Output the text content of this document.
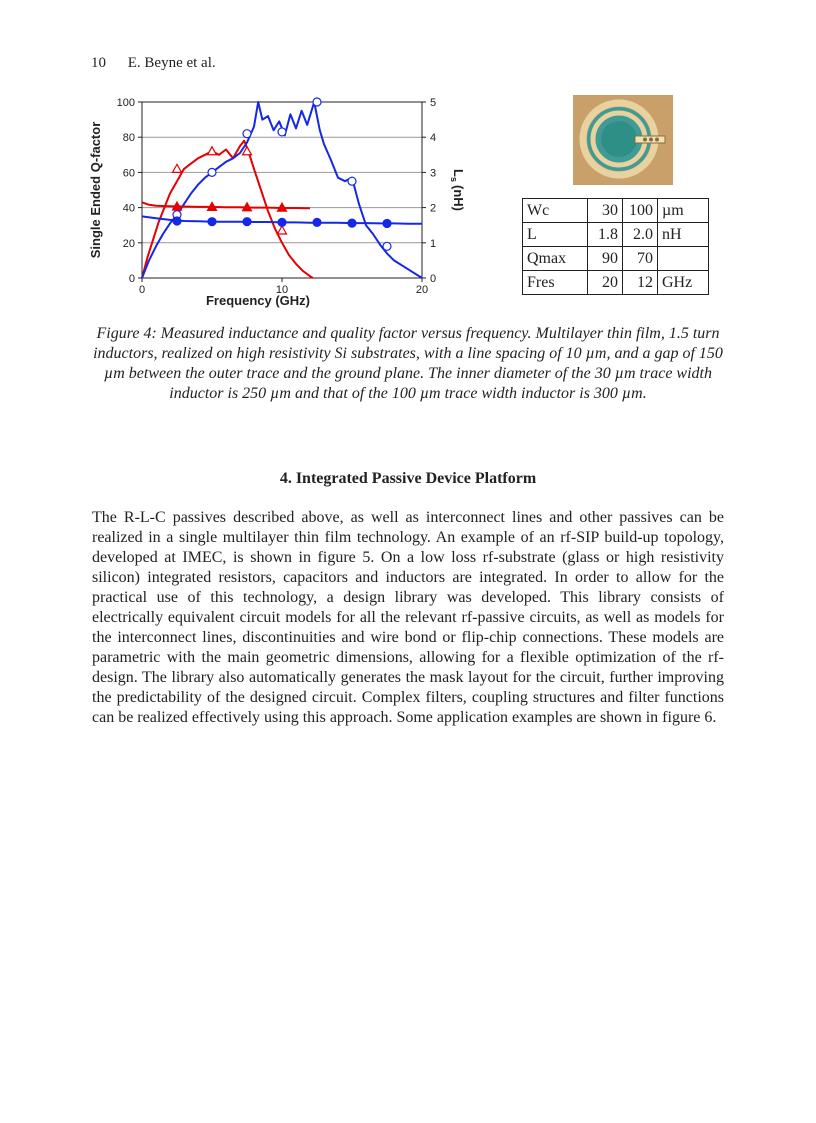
10 E. Beyne et al.
0
20
40
60
80
100
0
1
2
3
4
5
0	10	20
Frequency (GHz)
Single Ended Q-factor	$L_s(nH)$	Wc	30	100	µm
L	1.8	2.0	nH
Qmax	90	70	
Fres	20	12	GHz
Figure 4: Measured inductance and quality factor versus frequency. Multilayer thin film, 1.5 turn inductors, realized on high resistivity Si substrates, with a line spacing of 10 µm, and a gap of 150 µm between the outer trace and the ground plane. The inner diameter of the 30 µm trace width inductor is 250 µm and that of the 100 µm trace width inductor is 300 µm.
4. Integrated Passive Device Platform
The R-L-C passives described above, as well as interconnect lines and other passives can be realized in a single multilayer thin film technology. An example of an rf-SIP build-up topology, developed at IMEC, is shown in figure 5. On a low loss rf-substrate (glass or high resistivity silicon) integrated resistors, capacitors and inductors are integrated. In order to allow for the practical use of this technology, a design library was developed. This library consists of electrically equivalent circuit models for all the relevant rf-passive circuits, as well as models for the interconnect lines, discontinuities and wire bond or flip-chip connections. These models are parametric with the main geometric dimensions, allowing for a flexible optimization of the rf-design. The library also automatically generates the mask layout for the circuit, further improving the predictability of the designed circuit. Complex filters, coupling structures and filter functions can be realized effectively using this approach. Some application examples are shown in figure 6.
